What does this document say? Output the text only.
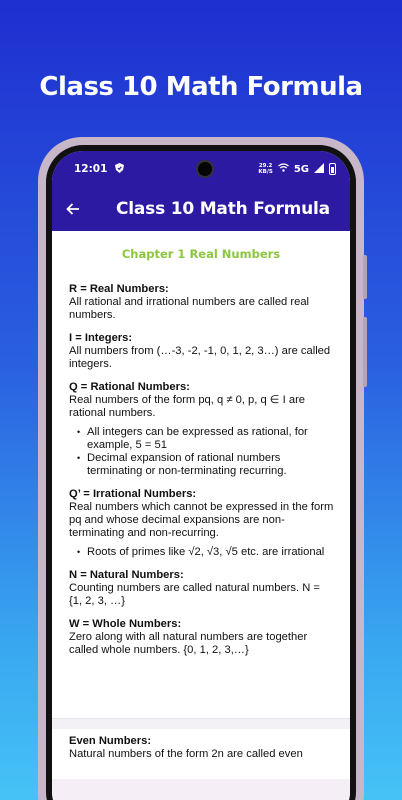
Class 10 Math Formula
12:01	29.2
KB/S 5G
Class 10 Math Formula
Chapter 1 Real Numbers
R = Real Numbers:
All rational and irrational numbers are called real numbers.
I = Integers:
All numbers from (…-3, -2, -1, 0, 1, 2, 3…) are called integers.
Q = Rational Numbers:
Real numbers of the form pq, q ≠ 0, p, q ∈ I are rational numbers.
• All integers can be expressed as rational, for example, 5 = 51
• Decimal expansion of rational numbers terminating or non-terminating recurring.
Q’ = Irrational Numbers:
Real numbers which cannot be expressed in the form pq and whose decimal expansions are non-terminating and non-recurring.
• Roots of primes like √2, √3, √5 etc. are irrational
N = Natural Numbers:
Counting numbers are called natural numbers. N = {1, 2, 3, …}
W = Whole Numbers:
Zero along with all natural numbers are together called whole numbers. {0, 1, 2, 3,…}
Even Numbers:
Natural numbers of the form 2n are called even
